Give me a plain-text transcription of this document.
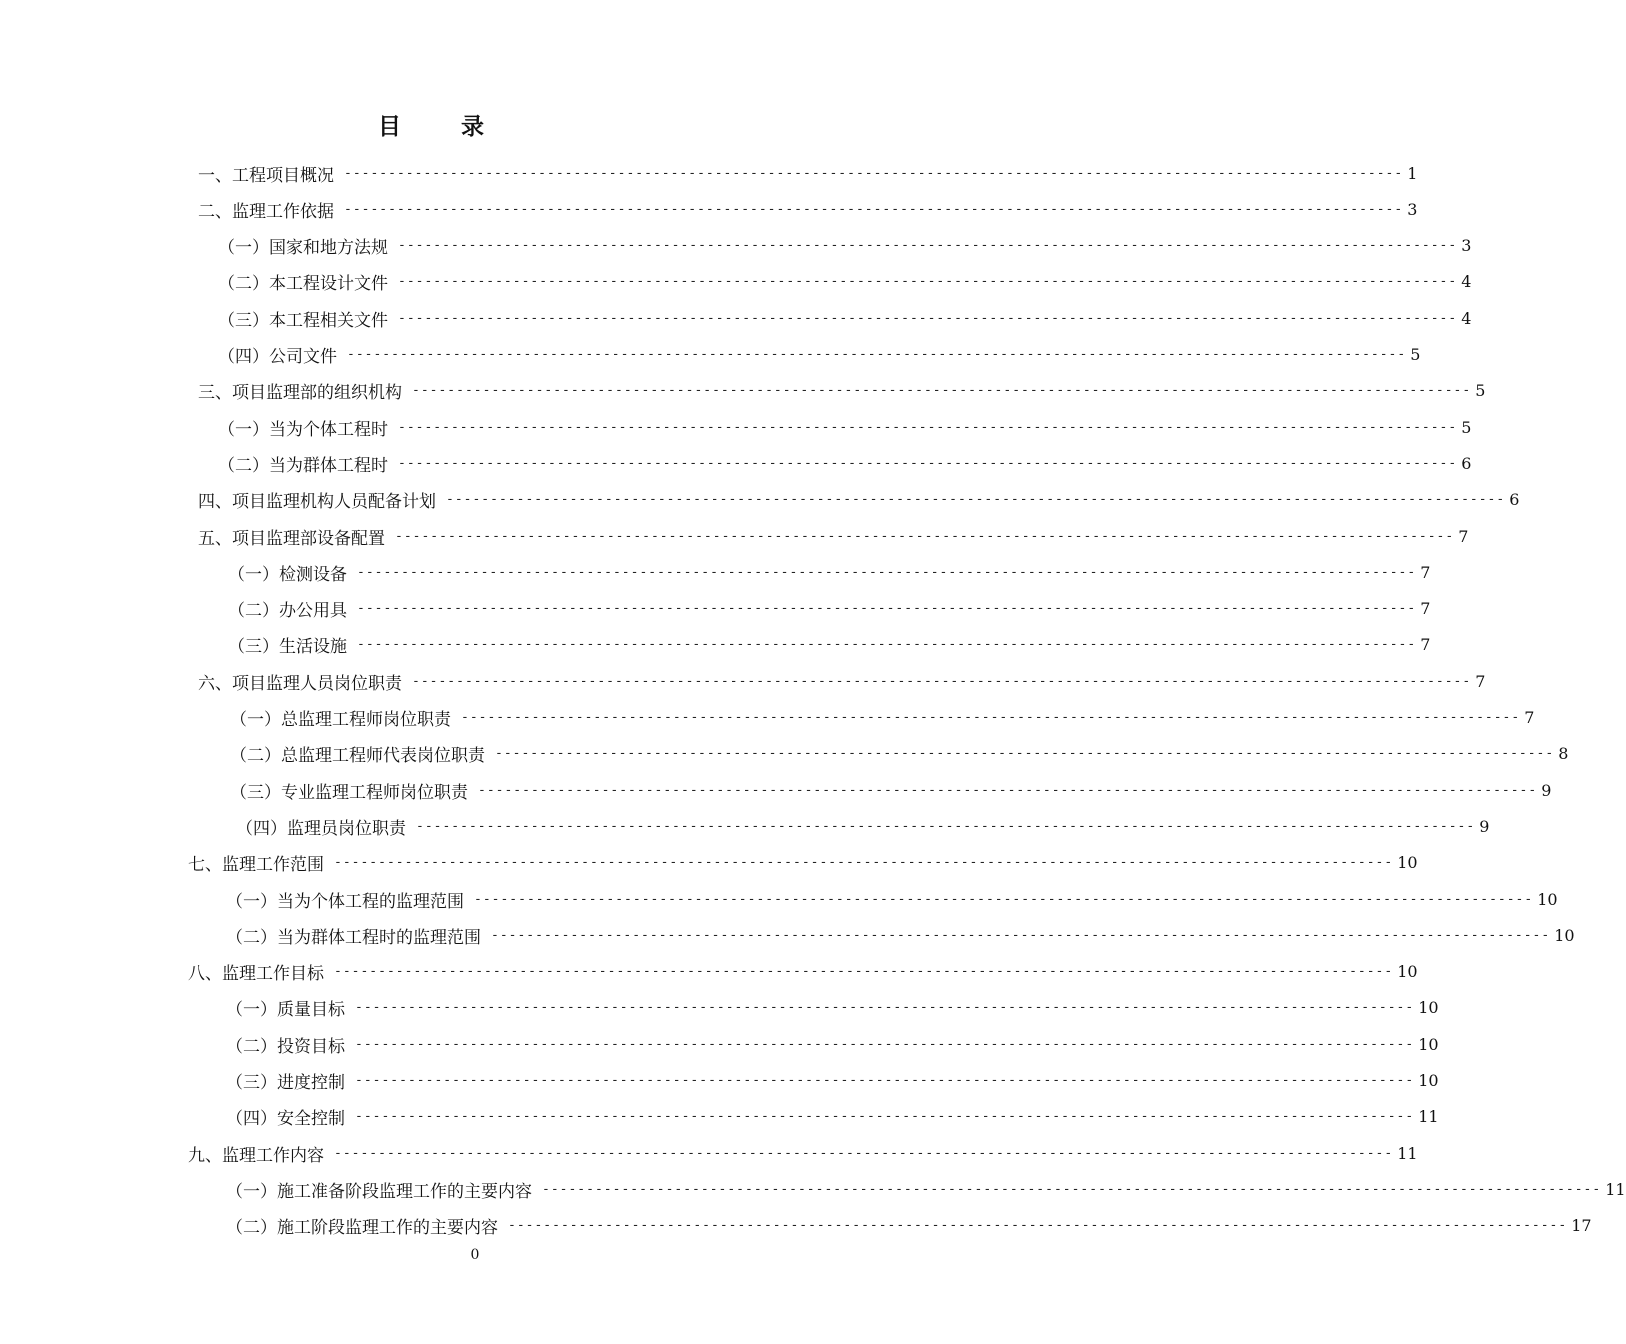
目	录
一、工程项目概况 ------------------------------------------------------------------------------------------------------------------------ 1
二、监理工作依据 ------------------------------------------------------------------------------------------------------------------------ 3
（一）国家和地方法规 ------------------------------------------------------------------------------------------------------------------------ 3
（二）本工程设计文件 ------------------------------------------------------------------------------------------------------------------------ 4
（三）本工程相关文件 ------------------------------------------------------------------------------------------------------------------------ 4
（四）公司文件 ------------------------------------------------------------------------------------------------------------------------ 5
三、项目监理部的组织机构 ------------------------------------------------------------------------------------------------------------------------ 5
（一）当为个体工程时 ------------------------------------------------------------------------------------------------------------------------ 5
（二）当为群体工程时 ------------------------------------------------------------------------------------------------------------------------ 6
四、项目监理机构人员配备计划 ------------------------------------------------------------------------------------------------------------------------ 6
五、项目监理部设备配置 ------------------------------------------------------------------------------------------------------------------------ 7
（一）检测设备 ------------------------------------------------------------------------------------------------------------------------ 7
（二）办公用具 ------------------------------------------------------------------------------------------------------------------------ 7
（三）生活设施 ------------------------------------------------------------------------------------------------------------------------ 7
六、项目监理人员岗位职责 ------------------------------------------------------------------------------------------------------------------------ 7
（一）总监理工程师岗位职责 ------------------------------------------------------------------------------------------------------------------------ 7
（二）总监理工程师代表岗位职责 ------------------------------------------------------------------------------------------------------------------------ 8
（三）专业监理工程师岗位职责 ------------------------------------------------------------------------------------------------------------------------ 9
（四）监理员岗位职责 ------------------------------------------------------------------------------------------------------------------------ 9
七、监理工作范围 ------------------------------------------------------------------------------------------------------------------------ 10
（一）当为个体工程的监理范围 ------------------------------------------------------------------------------------------------------------------------ 10
（二）当为群体工程时的监理范围 ------------------------------------------------------------------------------------------------------------------------ 10
八、监理工作目标 ------------------------------------------------------------------------------------------------------------------------ 10
（一）质量目标 ------------------------------------------------------------------------------------------------------------------------ 10
（二）投资目标 ------------------------------------------------------------------------------------------------------------------------ 10
（三）进度控制 ------------------------------------------------------------------------------------------------------------------------ 10
（四）安全控制 ------------------------------------------------------------------------------------------------------------------------ 11
九、监理工作内容 ------------------------------------------------------------------------------------------------------------------------ 11
（一）施工准备阶段监理工作的主要内容 ------------------------------------------------------------------------------------------------------------------------ 11
（二）施工阶段监理工作的主要内容 ------------------------------------------------------------------------------------------------------------------------ 17
0
